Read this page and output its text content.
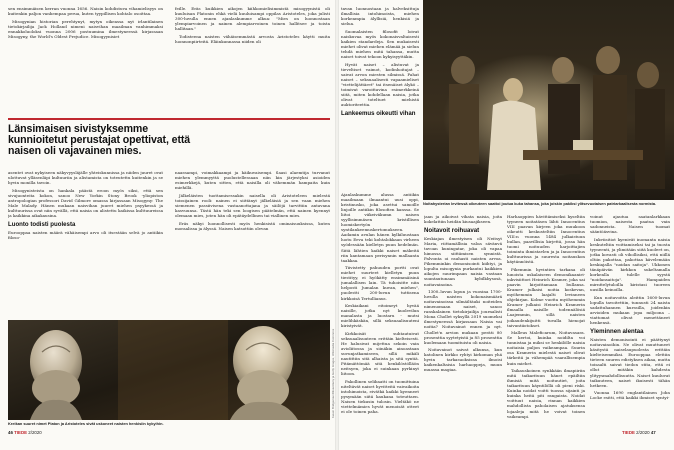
sen ensimmäisen kerran vuonna 1656. Naisin kohdistuva vihamielisyys on kuitenkin paljon vanhempaa perua, kuten tyypillisen kohtalo osoittaa.

Misogynian historian perehtynyt, mytyn oikeassa nyt irlantilainen tietokirjailija Jack Holland nimeni naisvihan maailman vanhimmaksi ennakkoluoloksi vuonna 2006 postuumina ilmestyneessä kirjassaan Misogyny, the World's Oldest Prejudice. Misogyynisiet

feille. Eräs kuikkien aikojen kiihkomielisimmistä misogyynistä oli kuuluisan Platonin ehkä vielä kuuluisampi oppilas Aristoteles, joka julisti 300-luvulla ennen ajanlaskumme alkua: "Mies on luonnostaan ylempiarvoinen ja nainen alempiarvoinen toinen hallitsee ja toista hallitaan."

Todisteena naisten vähäisemmästä arvosta Aristoteles käytti muita luonnonpiirteitä. Eläinkunnassa niiden oli

Länsimaisen sivistyksemme kunnioitetut perustajat opettivat, että naisen oli vajavainen mies.

asentet ovat nykyiseen näkyvyysläjälle yhteiskunnissa ja niiden juuret ovat ulottuvat ylläsenläpi kultuuriin ja alistamista on toteutettu kuitenkin ja se hyvin monilla tavoin.

Misogynisteista on hankala päästä eroon myös siksi, että sen sivujuonteita kokon, sanoo New Yorkin Stony Brook -yliopiston antropologian professori David Gilmore omassa kirjassaan Misogyny: The Male Malady. Hänen mukaan naisvihan juuret miehen psyykessä ja kulttuurissa ovat niin syvällä, että naisia on alistettu kaikissa kulttuureissa ja kaikkina aikakausina.

Luonto todisti puolesta

Eurooppaa naisten määrä vähäisempi arvo oli itsestään selvä jo antiikin filoso-

naaraampi, voimakkaampi ja käikuvaisempi. Saasi alaemtija turvanut miehen ylemmyyttä puolustellessaan niin kin järjestyksi asioiden esimerkkejä, kuten sitten, että naisilla oli vähemmän hampaita kuin miehillä.

Jälkeläisten tuottamisessakin naisella oli Aristoteleen mielestä toissijainen rooli: nainen ei siittänyt jälkeläisiä ja sen vaan miehen siemenen passiivisena vastaanottajana ja säilöjä tarvittiin antavana kasvuunsa. Tästä hän teki sen loogisen päätelmän, että nainen kyennyt olemaan mies, joten hän oli epätäydellinen tai viallinen mies.

Eräs näkyi luonnollisesti myös henkisistä ominaisuuksissa, kuten moraalissa ja älyssä. Naisen katsottiin olevan

Kreikan suuret nimet Platon ja Aristoteles sivät uskoneet naisten henkisiin kykyihin.
Kuvat: Bridgeman/Ritva/Alamy ja Getty Images, Wikimedia Commons
46 TIEDE 2/2020

tavan luonnostaan ja halveksittuja ilmallisia intohimoista, miehen korkeampia älyllisiä, henkisiä ja sielua.

Suomalaisten filosofit loivat naiskuvaa myös kokonaisvaltaisesti kaikien standardeja. Sen mukaisesti miehet olivat miehen elämää ja sielun tehdä miehen mitä tahansa, mutta naiset toivat tekoon kykyisyyttäkin.

Hyvät naiset – alistuvat ja tieveltiset vaimot, kodinhoitajat – saivat arvon miesten silmissä. Pahat naiset – seksuaalisesti vapaamieliset "viettelijättäret" tai itsenäiset älykö – toimivat varoittavina esimerkkeinä siitä, miten kohdellaan naisia, jotka olivat toteltuet miehistä auktoriteettia.

Lankeemus oikeutti vihan
Noitahysterian levitessä oikeuteen saattoi joutua kuka tahansa, joka joiskin pakiksi ylitsevuotaisen patriarkaalisesta normista.

Ajanlaskumme alussa antiikin maailmaan ilmaantui uusi oppi, kristinusko, joka asettui samoille linjoille antiikin filosofien kanssa. Se liitoi viikeiväkumn naisen syyllisimmäsen kristillisen luomiskertyön syntilankeemuskertomukseen. Aadamin avulan hänen kylkiluustaan luotu Eeva teki kohtalokkaan virheen syödessään kielletyn puun hedelmän. Siitä lähtien kaikki naiset mäkeitä riin kantamaan perisynnin mallaanta taakkaa.

Tiivistetty pahuuden portti ovat miehet suurteet kielletyn puun tiestityy, ei hyökätty ensimmäisinä jumalallisen lain. Tä tuhoisitte niin helposti Jumalan kuvan, miehen", puolestti 200-luvun tuttisena kirkkoisä Tertullianus.

Keskiaikani eitoimeyt hyvää naisille, jotka nyt kuolevilun manalasta ja luostaru - mutsi mielihkäskän, sillä seksuaalisuuteni kiristyivät.

Kirkkoisät suhtautuivat seksuaalisuuteen erittäin kielteisesti. He halusivat mijettua sekoin vain avioliitossa ja siinäkin ainoastaan suvunjatkamiseen, sillä mikäli nautittiin sitä alhaista ja sitä syntiä. Pitämättömää sitä henkilöstölläön neitsyen, joka ei suinkaan pyrkinyt liitoon.

Pakollinen selibaatti on tuomittuina niteltävät naiset hyvitteitä vaivaikoita intohimoista, eivätkä kaikki kyenneet pysymään siitä kaukana toteuttaen. Naisen tiekusin tulosin. Vieltäkö ne viettelmämies hyvät menoisät otteet ei ole toinen paha.

jaan ja aikoivat vihata naisia, joita kokelattiin heidän kiusaajikseen.

Noitavoit roihuavat

Keskiajan ilmestyisen oli Neitsyt Maria, riittamällisia valoa sävänvä tavoan kuningatar, joka oli vapaa himossa siittämisen synnistä. Palvonta oi rauhasti naisten arvoa. Pikemminkin demonisointi kiihtyi, ja lopulta misogynia purkautui kaikkien aikojen suurimpaan naisia vastaan suuntautunaan kybilkbysosä, noitavainoina.

1300–luvun lopun ja vuosina 1700-luvulla naisten kokonaismäärä noitavainoissa silmäiltäuki noiteiden nimenomaan naiset, sanoo ranskalainen tietokirjailija journalisti Mona Chollet syksyllä 2019 suomeksi ilmestyneessä kirjassaan Naisia vai noitia? Noitavainot ennen ja nyt. Chollet'n arvion mukaan peräti 80 prosenttia syytetyistä ja 85 prosenttia kuolemaan tuomituista oli naisia.

Noitavainot saivat alkunsa, kun katolinen kirkko ryhtyi kirkoman yhä hyvin tarkasuoksissa ilmoisi kaikenkaltaisia harhaoppeja, muun muassa magiaa.

Harhaoppien hävittämiseksi kyseltiin tyyneen noitatäsen lähti Innocentius VIII paavan kirjeen joka muukoon oikeutti keskusteltiin Innocentius VIII:n vuonna 1484 julkaistuun bullan, paavillisia kirjettä, jossa hän tuomi noituuden harjoittajien toiminta ihmistavlen ja ja Innocentius kulttuurissa ja suuresta noitauskon käytännöistä.

Pikemmin hyvintien tarkana oli lunoista uskalaiseen demonikaaniri-inkvisiittori Heinrich Kramer, joka sai paavin kirjoittamaan bullansa. Kramer julkaisi noitia koskevan, myöhemmin laajalti levinneen ohjekirjan. Kolme vuotta myöhemmin Kramer julkaisi Heinrich Kramerin ilmaalla naisille todennälösiä Laajemmin, sillä naisten joikaudenkijuitti tuvalla hienojat taivuntiiotokset.

Malleus Maleficarum, Noitavasara. Se kertoi, kuinka noidilta voi tunnistaa ja miksi se henkilölle naisia noitaisia paljon vaikeampaa. Suurin osa Kramerin mielestä naiset olivat tärkeitä ja vähempää vaarallisempia kuin miehet.

Taikauskoinen synkkään ilmapiiriin mitä taikarituun hänet epäiltiin ihmisiä mitä noituutiet, joita taikarituun käyntilöllä oli pieni riski. Kuinka noidat voitti tuossa sijainti ja kuinka heitä piti rangaista. Noidat voittuut naisia, rinnan kaikkien mahdollista paholaisen ajatuksensa lojaaleja mitä he voivat toinen vaikeampi.

voinut ajautua saatanlarkkaan tuomion, naisesta paatua vain sadonneista. Naisen tuomat sääntöäsvina.

Inkviisitiot kyenivät inomanta naisia keskuteltiin voittamiseksi tai ja tuosta tyyneenti, ja ylimitään siitä kuoleet on, jotka kovasti oli vihollisiksi, että niillä oltiin pakottaa, pakottaa kävelemään keskiajalla "noidan saitoja". Ukkonen tänäpäivän kirkkon sukeltamalla korkealla tulelle syystä "noidansaitoja". Hampaiden mirnttelytuloilla kiristasi tuoreen uusilla keinoilla.

Kun noitavoitta aleittin 1600-luvun lopulla tavoitettiin, tunnusti 24 naista sadattuhannen kurssilla, joidenkin arvioiden mukaan jopa miljoona – viattomat olivat menettäneet henkensä.

Yleminnen alentaa

Naisten demonisointi ei päättynyt noitavainoihin. Ne olivat muuttuneet käsitystä naiselaupuolesta erittäin kielteisemmiksi. Eurooppaa elettiin tieteen suuren edistyksen aikaa, mutta toisaalti saivat tiedon stita, että ei ollut mitäkin kahdesta ylityysmahdollisuutta. Naiset kuuluvat taikuuteen, naiset ikuisesti tähän hetkeen.

Vuonna 1690 englantilainen John Locke esitti, että kaikki ihmiset syntyi-

TIEDE 2/2020 47
